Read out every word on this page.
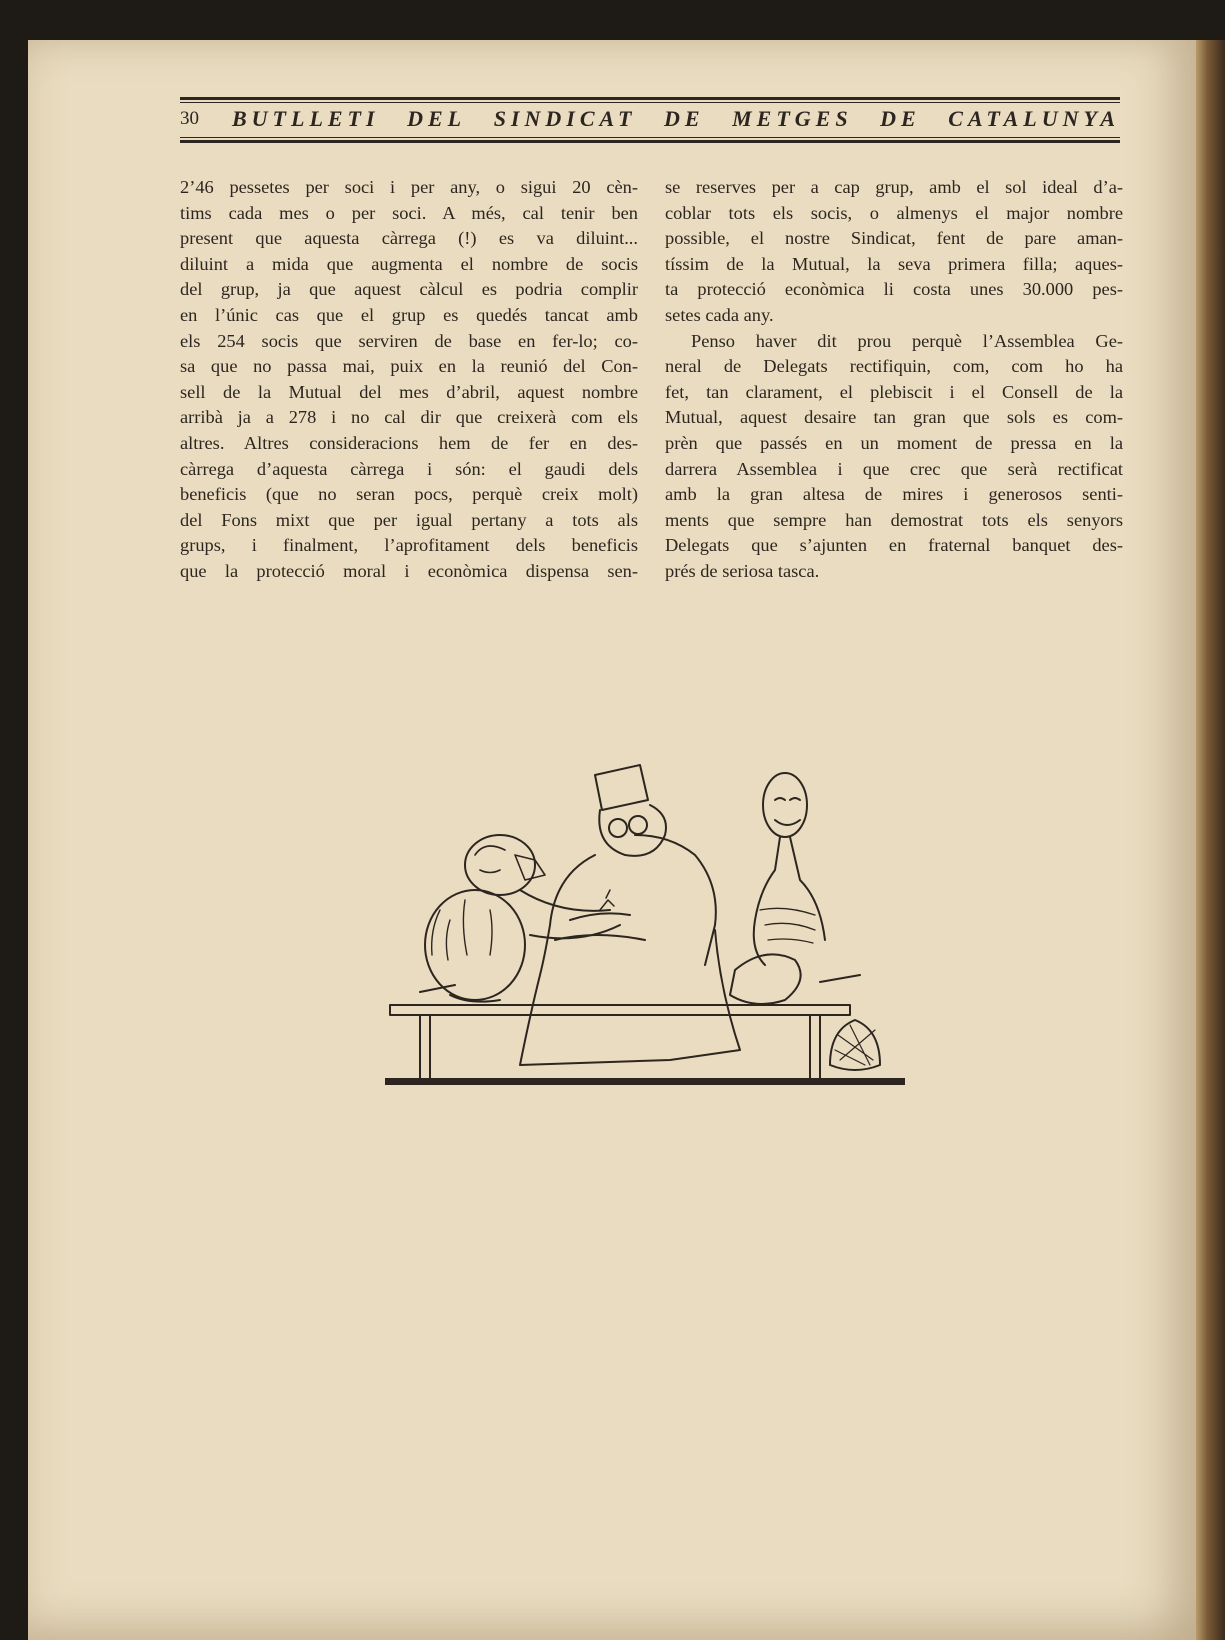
30	BUTLLETI DEL SINDICAT DE METGES DE CATALUNYA

2’46 pessetes per soci i per any, o sigui 20 cèn-
tims cada mes o per soci. A més, cal tenir ben
present que aquesta càrrega (!) es va diluint...
diluint a mida que augmenta el nombre de socis
del grup, ja que aquest càlcul es podria complir
en l’únic cas que el grup es quedés tancat amb
els 254 socis que serviren de base en fer-lo; co-
sa que no passa mai, puix en la reunió del Con-
sell de la Mutual del mes d’abril, aquest nombre
arribà ja a 278 i no cal dir que creixerà com els
altres. Altres consideracions hem de fer en des-
càrrega d’aquesta càrrega i són: el gaudi dels
beneficis (que no seran pocs, perquè creix molt)
del Fons mixt que per igual pertany a tots als
grups, i finalment, l’aprofitament dels beneficis
que la protecció moral i econòmica dispensa sen-

se reserves per a cap grup, amb el sol ideal d’a-
coblar tots els socis, o almenys el major nombre
possible, el nostre Sindicat, fent de pare aman-
tíssim de la Mutual, la seva primera filla; aques-
ta protecció econòmica li costa unes 30.000 pes-
setes cada any.

Penso haver dit prou perquè l’Assemblea Ge-
neral de Delegats rectifiquin, com, com ho ha
fet, tan clarament, el plebiscit i el Consell de la
Mutual, aquest desaire tan gran que sols es com-
prèn que passés en un moment de pressa en la
darrera Assemblea i que crec que serà rectificat
amb la gran altesa de mires i generosos senti-
ments que sempre han demostrat tots els senyors
Delegats que s’ajunten en fraternal banquet des-
prés de seriosa tasca.
